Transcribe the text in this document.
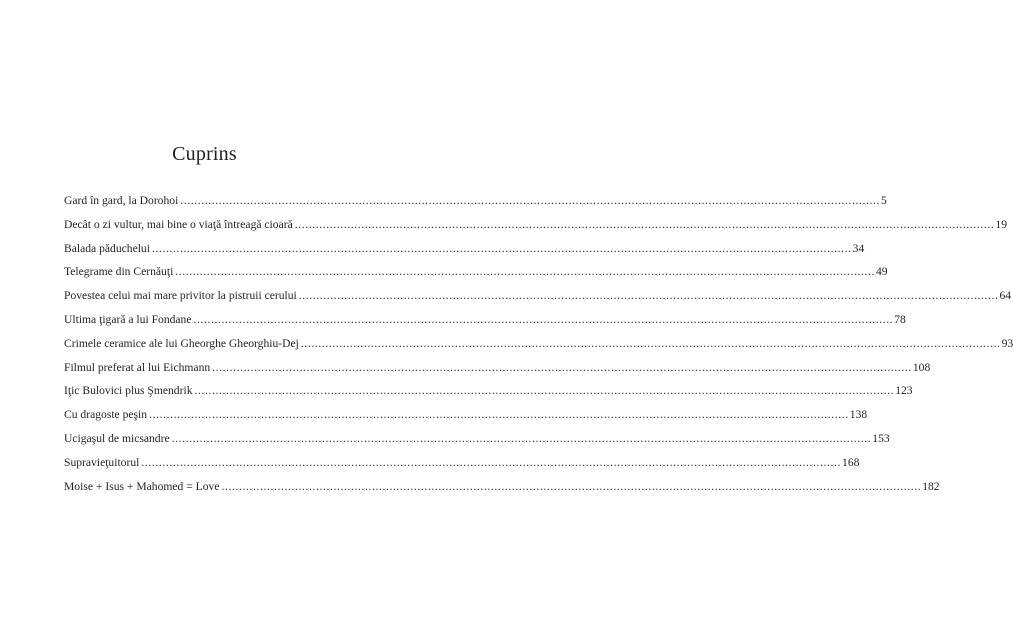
Cuprins
Gard în gard, la Dorohoi ........................................................................................................................................................................................................ 5
Decât o zi vultur, mai bine o viaţă întreagă cioară ........................................................................................................................................................................................................ 19
Balada păduchelui ........................................................................................................................................................................................................ 34
Telegrame din Cernăuţi ........................................................................................................................................................................................................ 49
Povestea celui mai mare privitor la pistruii cerului ........................................................................................................................................................................................................ 64
Ultima ţigară a lui Fondane ........................................................................................................................................................................................................ 78
Crimele ceramice ale lui Gheorghe Gheorghiu-Dej ........................................................................................................................................................................................................ 93
Filmul preferat al lui Eichmann ........................................................................................................................................................................................................ 108
Iţic Bulovici plus Şmendrik ........................................................................................................................................................................................................ 123
Cu dragoste peşin ........................................................................................................................................................................................................ 138
Ucigaşul de micsandre ........................................................................................................................................................................................................ 153
Supravieţuitorul ........................................................................................................................................................................................................ 168
Moise + Isus + Mahomed = Love ........................................................................................................................................................................................................ 182
